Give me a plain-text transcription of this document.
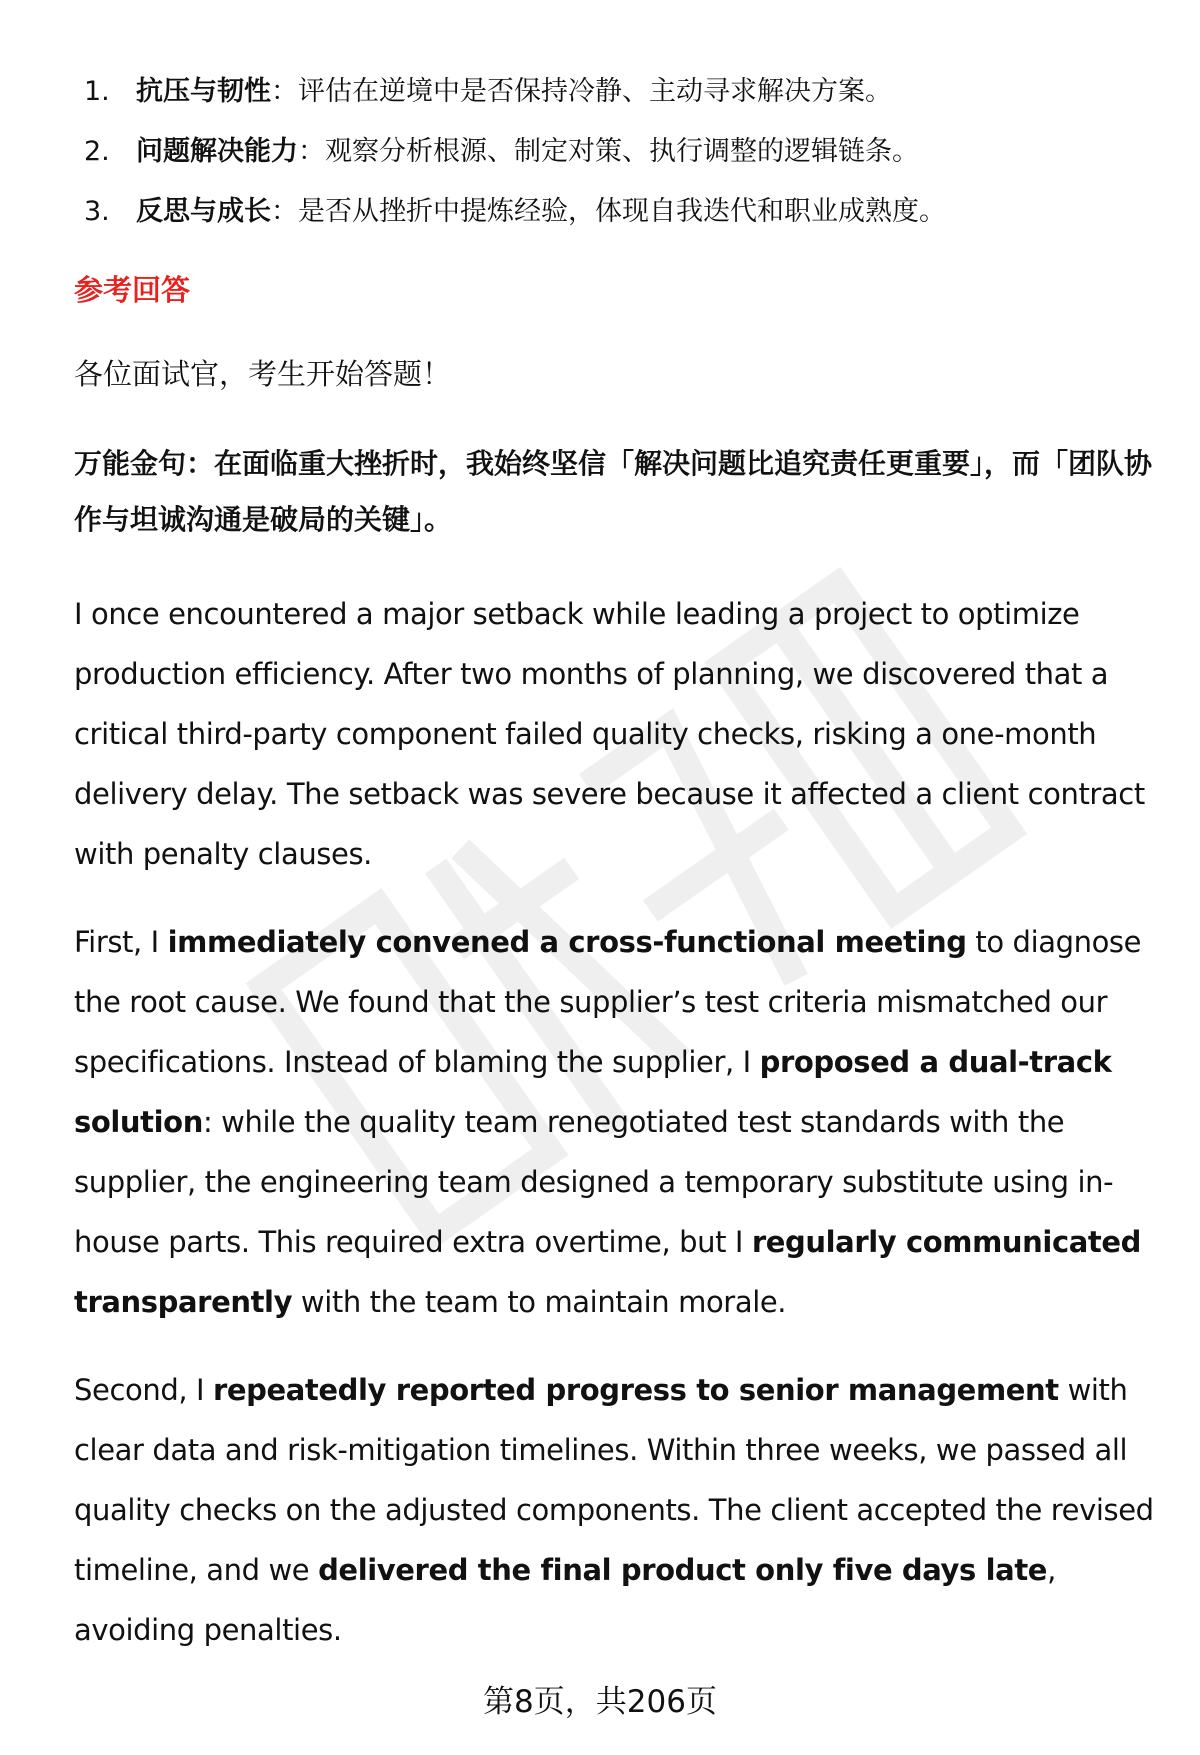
1. 抗压与韧性：评估在逆境中是否保持冷静、主动寻求解决方案。
2. 问题解决能力：观察分析根源、制定对策、执行调整的逻辑链条。
3. 反思与成长：是否从挫折中提炼经验，体现自我迭代和职业成熟度。
参考回答

各位面试官，考生开始答题！

万能金句：在面临重大挫折时，我始终坚信「解决问题比追究责任更重要」，而「团队协作与坦诚沟通是破局的关键」。

I once encountered a major setback while leading a project to optimize production efficiency. After two months of planning, we discovered that a critical third-party component failed quality checks, risking a one-month delivery delay. The setback was severe because it affected a client contract with penalty clauses.

First, I immediately convened a cross-functional meeting to diagnose the root cause. We found that the supplier’s test criteria mismatched our specifications. Instead of blaming the supplier, I proposed a dual-track solution: while the quality team renegotiated test standards with the supplier, the engineering team designed a temporary substitute using in-house parts. This required extra overtime, but I regularly communicated transparently with the team to maintain morale.

Second, I repeatedly reported progress to senior management with clear data and risk-mitigation timelines. Within three weeks, we passed all quality checks on the adjusted components. The client accepted the revised timeline, and we delivered the final product only five days late, avoiding penalties.

第8页，共206页
